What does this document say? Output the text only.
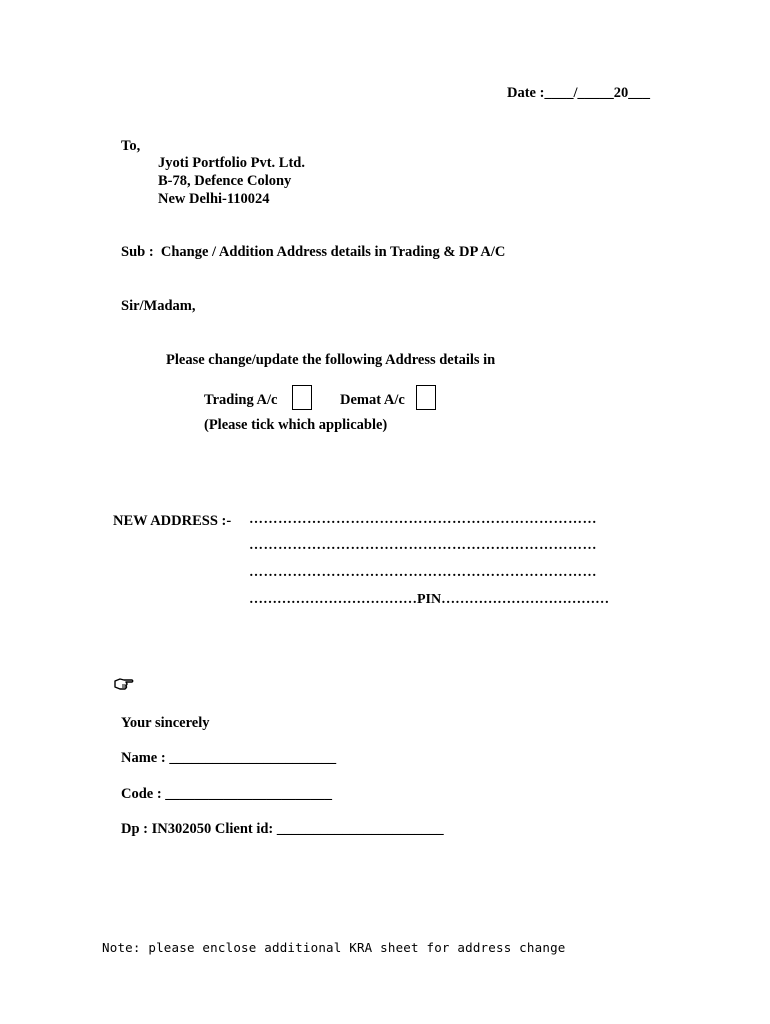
Date :____/_____20___
To,
Jyoti Portfolio Pvt. Ltd.
B-78, Defence Colony
New Delhi-110024
Sub :  Change / Addition Address details in Trading & DP A/C
Sir/Madam,
Please change/update the following Address details in
Trading A/c	Demat A/c
(Please tick which applicable)
NEW ADDRESS :- ………………………………………………………………
………………………………………………………………
………………………………………………………………
………………………………PIN………………………………
Your sincerely
Name : _______________________
Code : _______________________
Dp : IN302050 Client id: _______________________
Note: please enclose additional KRA sheet for address change
